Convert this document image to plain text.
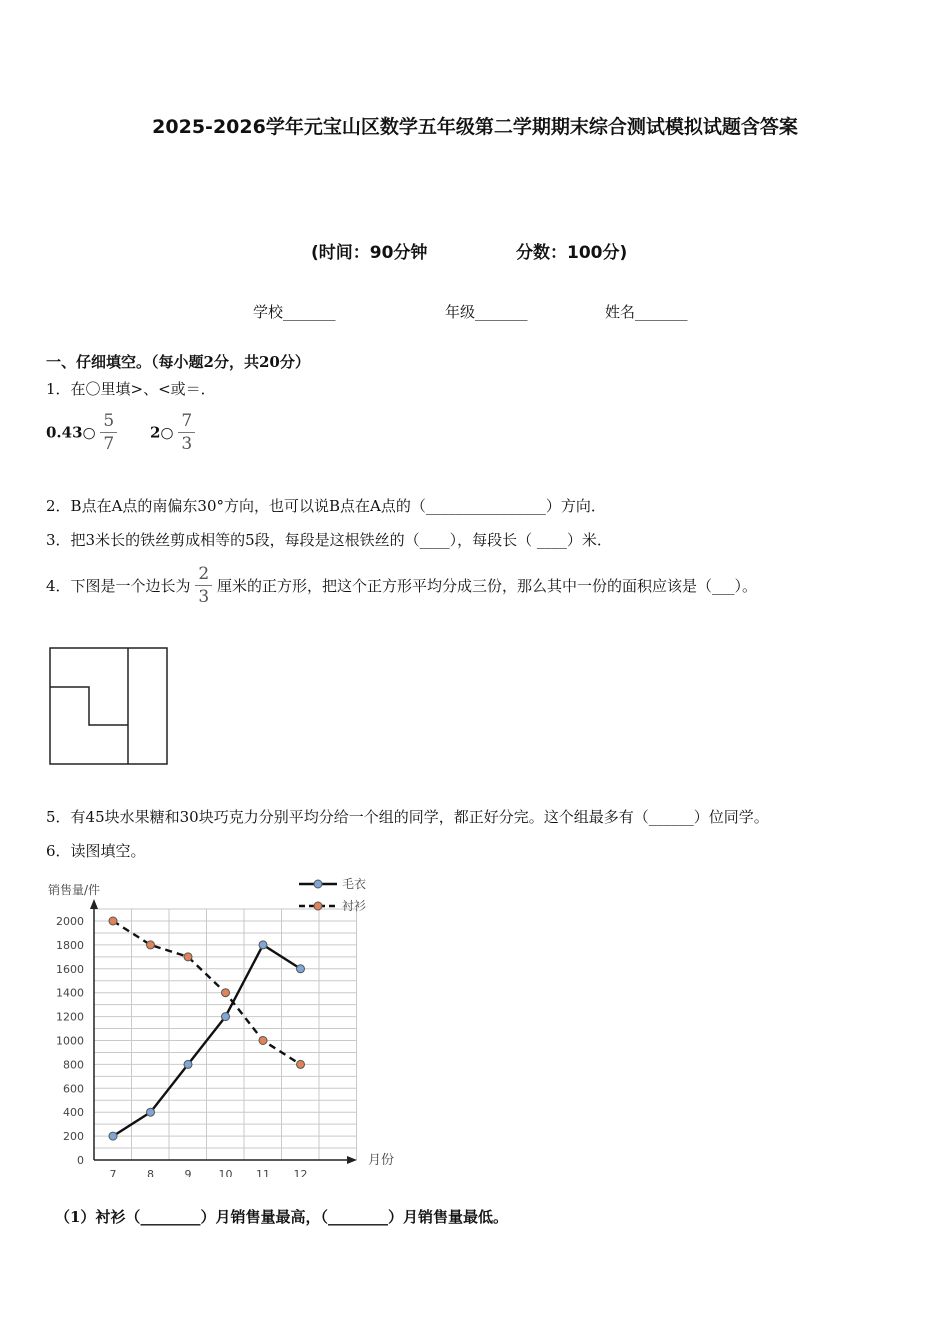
2025-2026学年元宝山区数学五年级第二学期期末综合测试模拟试题含答案
(时间：90分钟	分数：100分)
学校_______	年级_______	姓名_______
一、仔细填空。（每小题2分，共20分）
1．在〇里填>、<或＝．
0.43○ $\frac{5}{7}$ 2○ $\frac{7}{3}$
2．B点在A点的南偏东30°方向，也可以说B点在A点的（________________）方向．
3．把3米长的铁丝剪成相等的5段，每段是这根铁丝的（____），每段长（ ____）米．
4．下图是一个边长为 $\frac{2}{3}$ 厘米的正方形，把这个正方形平均分成三份，那么其中一份的面积应该是（___）。
5．有45块水果糖和30块巧克力分别平均分给一个组的同学，都正好分完。这个组最多有（______）位同学。
6．读图填空。
销售量/件
月份
0
200
400
600
800
1000
1200
1400
1600
1800
2000
7	8	9 10 11 12
毛衣
衬衫
（1）衬衫（________）月销售量最高，（________）月销售量最低。
